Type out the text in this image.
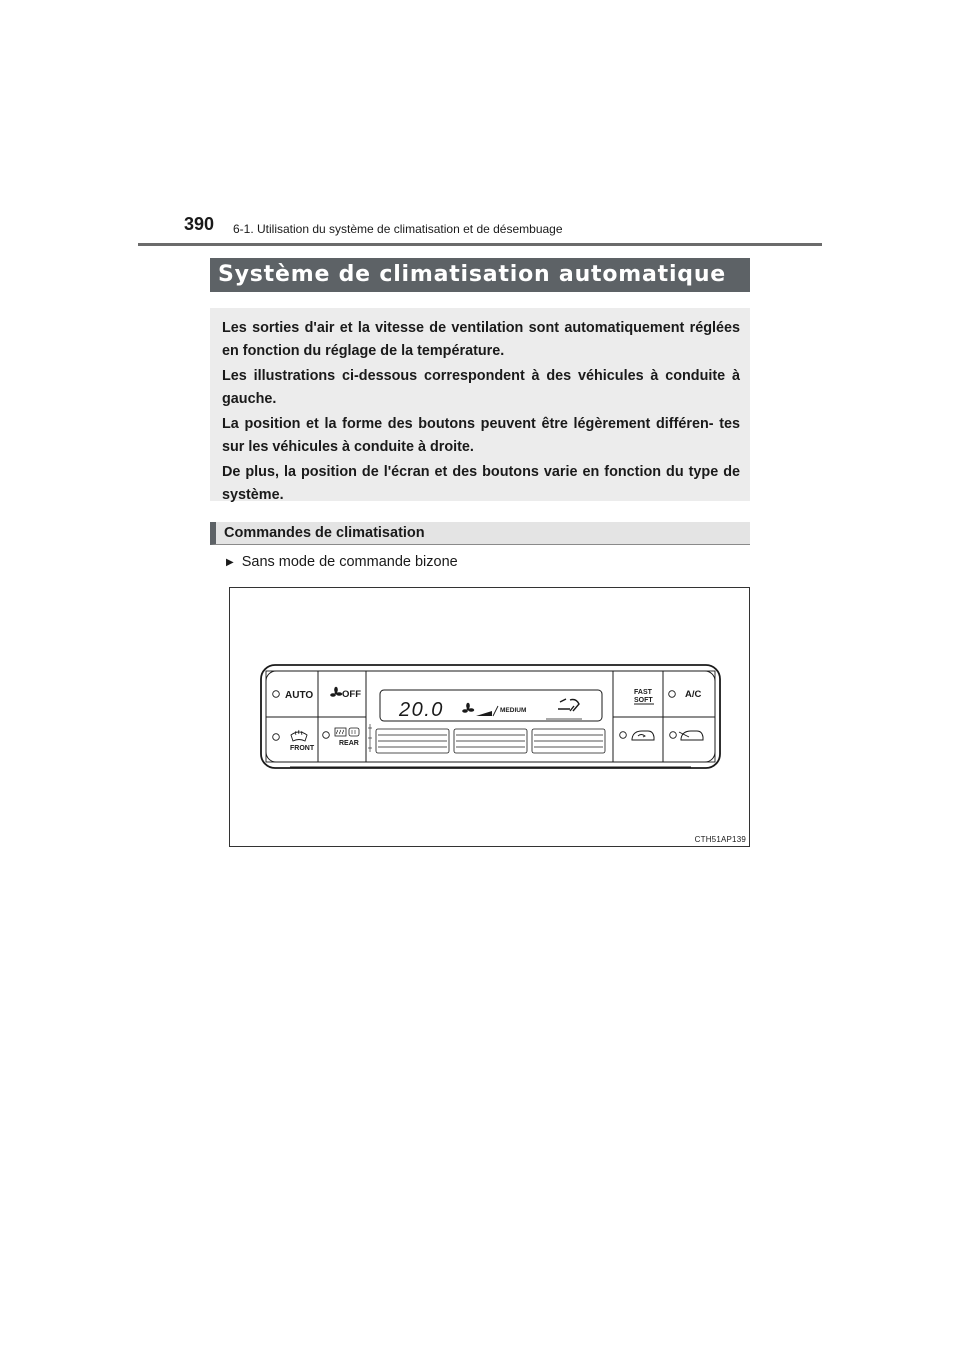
390 6-1. Utilisation du système de climatisation et de désembuage
Système de climatisation automatique

Les sorties d'air et la vitesse de ventilation sont automatiquement réglées en fonction du réglage de la température.

Les illustrations ci-dessous correspondent à des véhicules à conduite à gauche.

La position et la forme des boutons peuvent être légèrement différen- tes sur les véhicules à conduite à droite.

De plus, la position de l'écran et des boutons varie en fonction du type de système.

Commandes de climatisation
▶ Sans mode de commande bizone
AUTO	OFF
FRONT
REAR
20.0	MEDIUM
FAST
SOFT
A/C
CTH51AP139
